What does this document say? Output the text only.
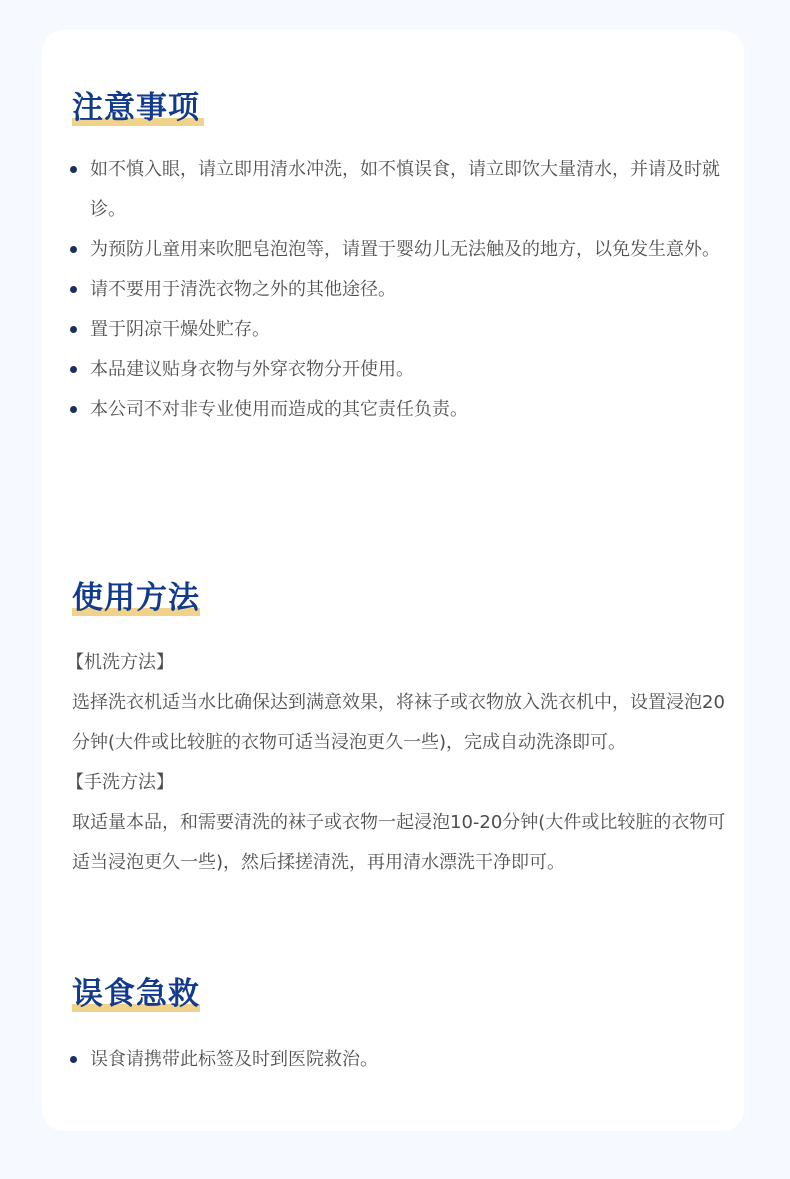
注意事项
如不慎入眼，请立即用清水冲洗，如不慎误食，请立即饮大量清水，并请及时就诊。
为预防儿童用来吹肥皂泡泡等，请置于婴幼儿无法触及的地方，以免发生意外。
请不要用于清洗衣物之外的其他途径。
置于阴凉干燥处贮存。
本品建议贴身衣物与外穿衣物分开使用。
本公司不对非专业使用而造成的其它责任负责。
使用方法

【机洗方法】

选择洗衣机适当水比确保达到满意效果，将袜子或衣物放入洗衣机中，设置浸泡20分钟(大件或比较脏的衣物可适当浸泡更久一些)，完成自动洗涤即可。

【手洗方法】

取适量本品，和需要清洗的袜子或衣物一起浸泡10-20分钟(大件或比较脏的衣物可适当浸泡更久一些)，然后揉搓清洗，再用清水漂洗干净即可。

误食急救
误食请携带此标签及时到医院救治。
